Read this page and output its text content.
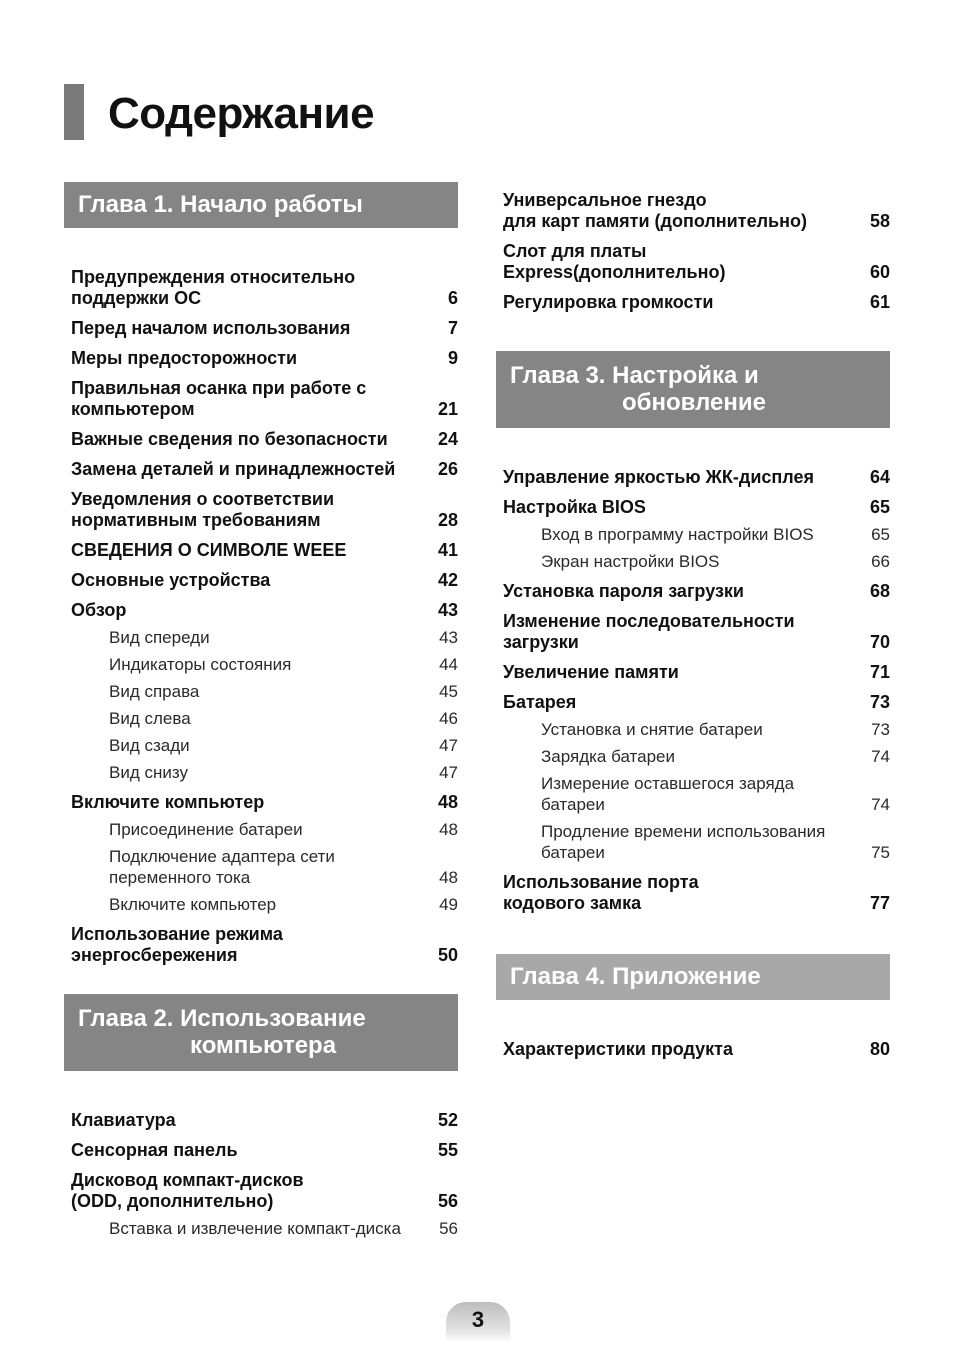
Содержание
Глава 1. Начало работы
Предупреждения относительно
поддержки ОС	6
Перед началом использования	7
Меры предосторожности	9
Правильная осанка при работе с
компьютером	21
Важные сведения по безопасности	24
Замена деталей и принадлежностей	26
Уведомления о соответствии
нормативным требованиям	28
СВЕДЕНИЯ О СИМВОЛЕ WEEE	41
Основные устройства	42
Обзор	43
Вид спереди	43
Индикаторы состояния	44
Вид справа	45
Вид слева	46
Вид сзади	47
Вид снизу	47
Включите компьютер	48
Присоединение батареи	48
Подключение адаптера сети
переменного тока	48
Включите компьютер	49
Использование режима
энергосбережения	50
Глава 2. Использование
компьютера
Клавиатура	52
Сенсорная панель	55
Дисковод компакт-дисков
(ODD, дополнительно)	56
Вставка и извлечение компакт-диска	56
Универсальное гнездо
для карт памяти (дополнительно)	58
Слот для платы
Express(дополнительно)	60
Регулировка громкости	61
Глава 3. Настройка и
обновление
Управление яркостью ЖК-дисплея	64
Настройка BIOS	65
Вход в программу настройки BIOS	65
Экран настройки BIOS	66
Установка пароля загрузки	68
Изменение последовательности
загрузки	70
Увеличение памяти	71
Батарея	73
Установка и снятие батареи	73
Зарядка батареи	74
Измерение оставшегося заряда
батареи	74
Продление времени использования
батареи	75
Использование порта
кодового замка	77
Глава 4. Приложение
Характеристики продукта	80
3
